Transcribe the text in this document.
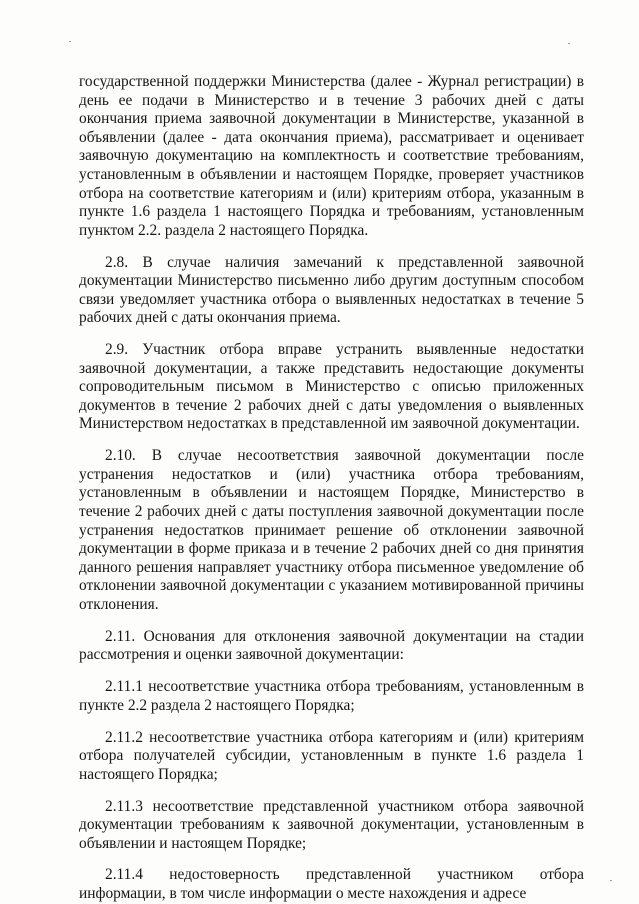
государственной поддержки Министерства (далее - Журнал регистрации) в день ее подачи в Министерство и в течение 3 рабочих дней с даты окончания приема заявочной документации в Министерстве, указанной в объявлении (далее - дата окончания приема), рассматривает и оценивает заявочную документацию на комплектность и соответствие требованиям, установленным в объявлении и настоящем Порядке, проверяет участников отбора на соответствие категориям и (или) критериям отбора, указанным в пункте 1.6 раздела 1 настоящего Порядка и требованиям, установленным пунктом 2.2. раздела 2 настоящего Порядка.

2.8. В случае наличия замечаний к представленной заявочной документации Министерство письменно либо другим доступным способом связи уведомляет участника отбора о выявленных недостатках в течение 5 рабочих дней с даты окончания приема.

2.9. Участник отбора вправе устранить выявленные недостатки заявочной документации, а также представить недостающие документы сопроводительным письмом в Министерство с описью приложенных документов в течение 2 рабочих дней с даты уведомления о выявленных Министерством недостатках в представленной им заявочной документации.

2.10. В случае несоответствия заявочной документации после устранения недостатков и (или) участника отбора требованиям, установленным в объявлении и настоящем Порядке, Министерство в течение 2 рабочих дней с даты поступления заявочной документации после устранения недостатков принимает решение об отклонении заявочной документации в форме приказа и в течение 2 рабочих дней со дня принятия данного решения направляет участнику отбора письменное уведомление об отклонении заявочной документации с указанием мотивированной причины отклонения.

2.11. Основания для отклонения заявочной документации на стадии рассмотрения и оценки заявочной документации:

2.11.1 несоответствие участника отбора требованиям, установленным в пункте 2.2 раздела 2 настоящего Порядка;

2.11.2 несоответствие участника отбора категориям и (или) критериям отбора получателей субсидии, установленным в пункте 1.6 раздела 1 настоящего Порядка;

2.11.3 несоответствие представленной участником отбора заявочной документации требованиям к заявочной документации, установленным в объявлении и настоящем Порядке;

2.11.4 недостоверность представленной участником отбора информации, в том числе информации о месте нахождения и адресе
